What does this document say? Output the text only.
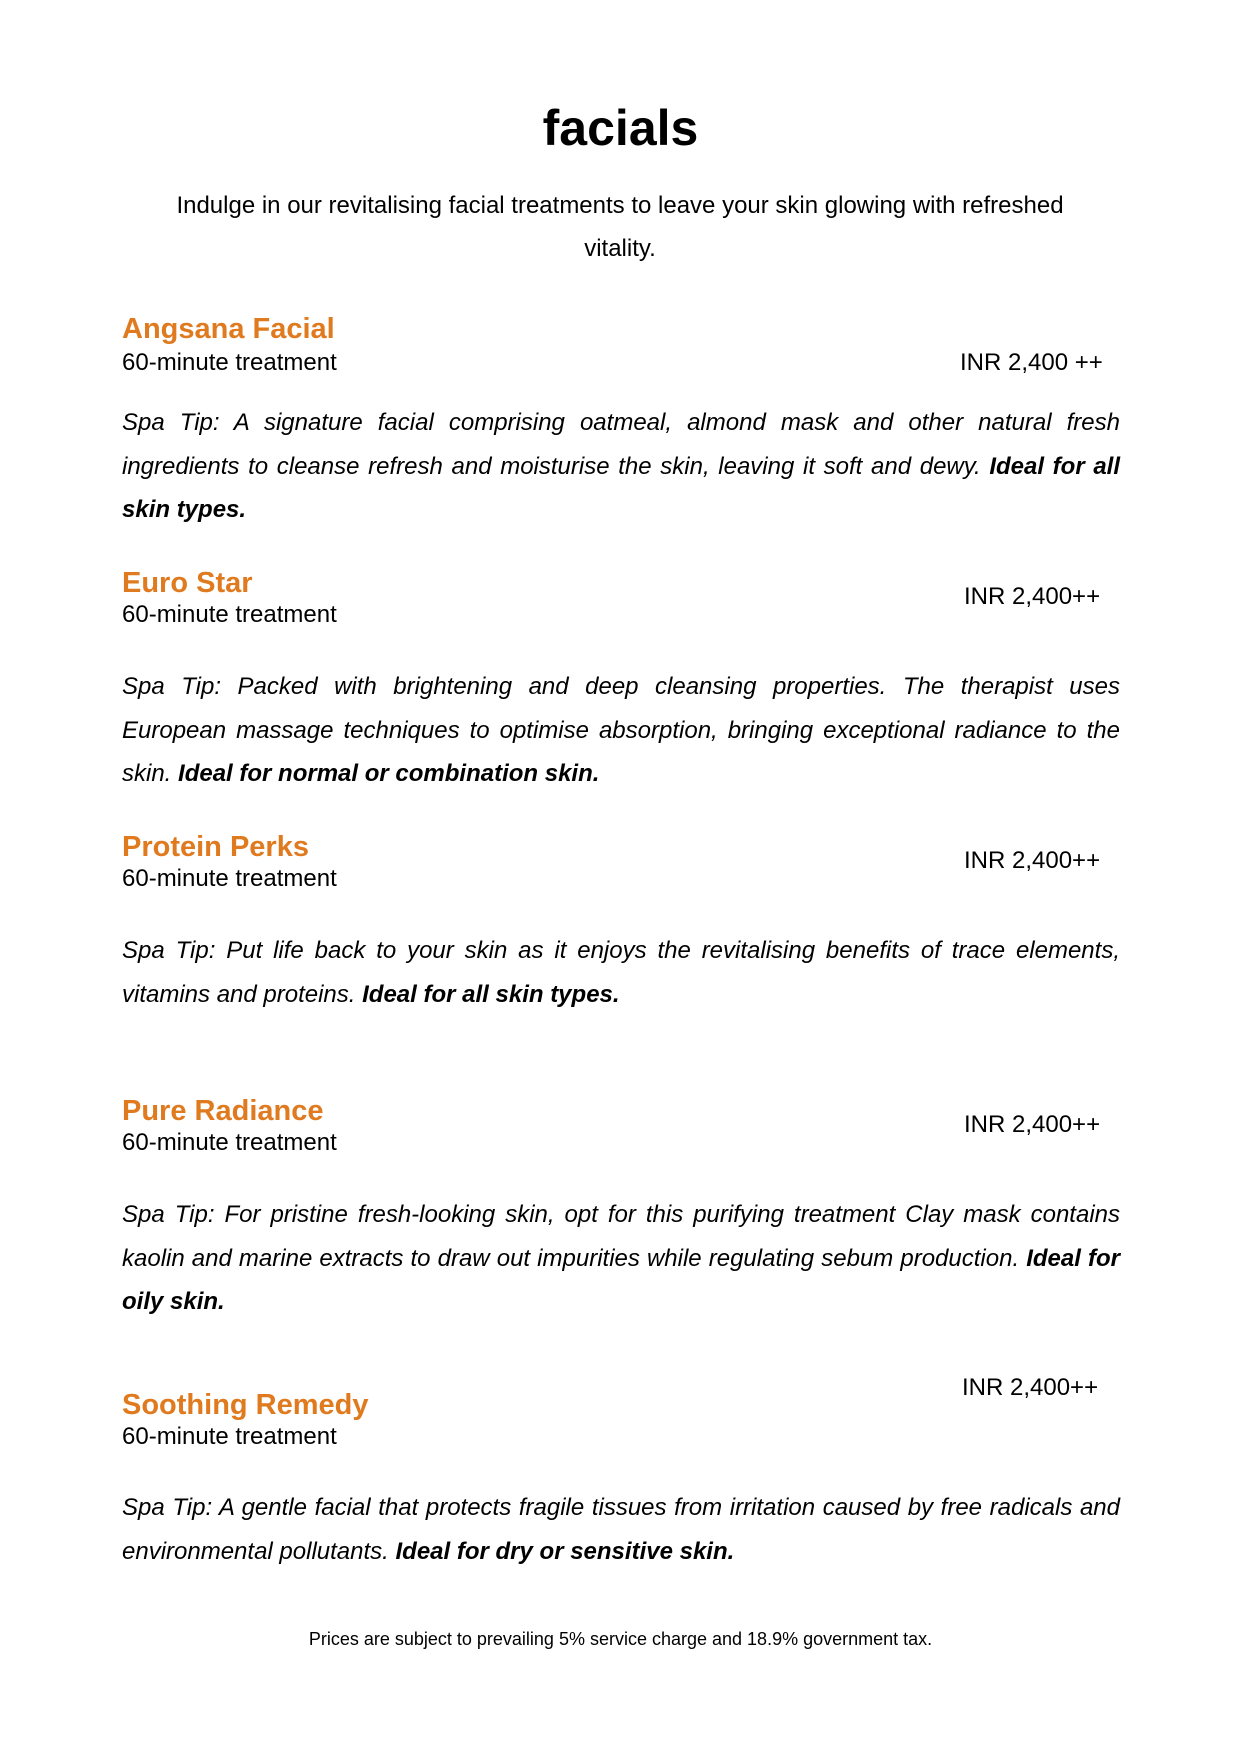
facials

Indulge in our revitalising facial treatments to leave your skin glowing with refreshed vitality.

Angsana Facial
60-minute treatment	INR 2,400 ++

Spa Tip: A signature facial comprising oatmeal, almond mask and other natural fresh ingredients to cleanse refresh and moisturise the skin, leaving it soft and dewy. Ideal for all skin types.

Euro Star
60-minute treatment
INR 2,400++

Spa Tip: Packed with brightening and deep cleansing properties. The therapist uses European massage techniques to optimise absorption, bringing exceptional radiance to the skin. Ideal for normal or combination skin.

Protein Perks
60-minute treatment
INR 2,400++

Spa Tip: Put life back to your skin as it enjoys the revitalising benefits of trace elements, vitamins and proteins. Ideal for all skin types.

Pure Radiance
60-minute treatment
INR 2,400++

Spa Tip: For pristine fresh-looking skin, opt for this purifying treatment Clay mask contains kaolin and marine extracts to draw out impurities while regulating sebum production. Ideal for oily skin.

INR 2,400++
Soothing Remedy
60-minute treatment

Spa Tip: A gentle facial that protects fragile tissues from irritation caused by free radicals and environmental pollutants. Ideal for dry or sensitive skin.

Prices are subject to prevailing 5% service charge and 18.9% government tax.
